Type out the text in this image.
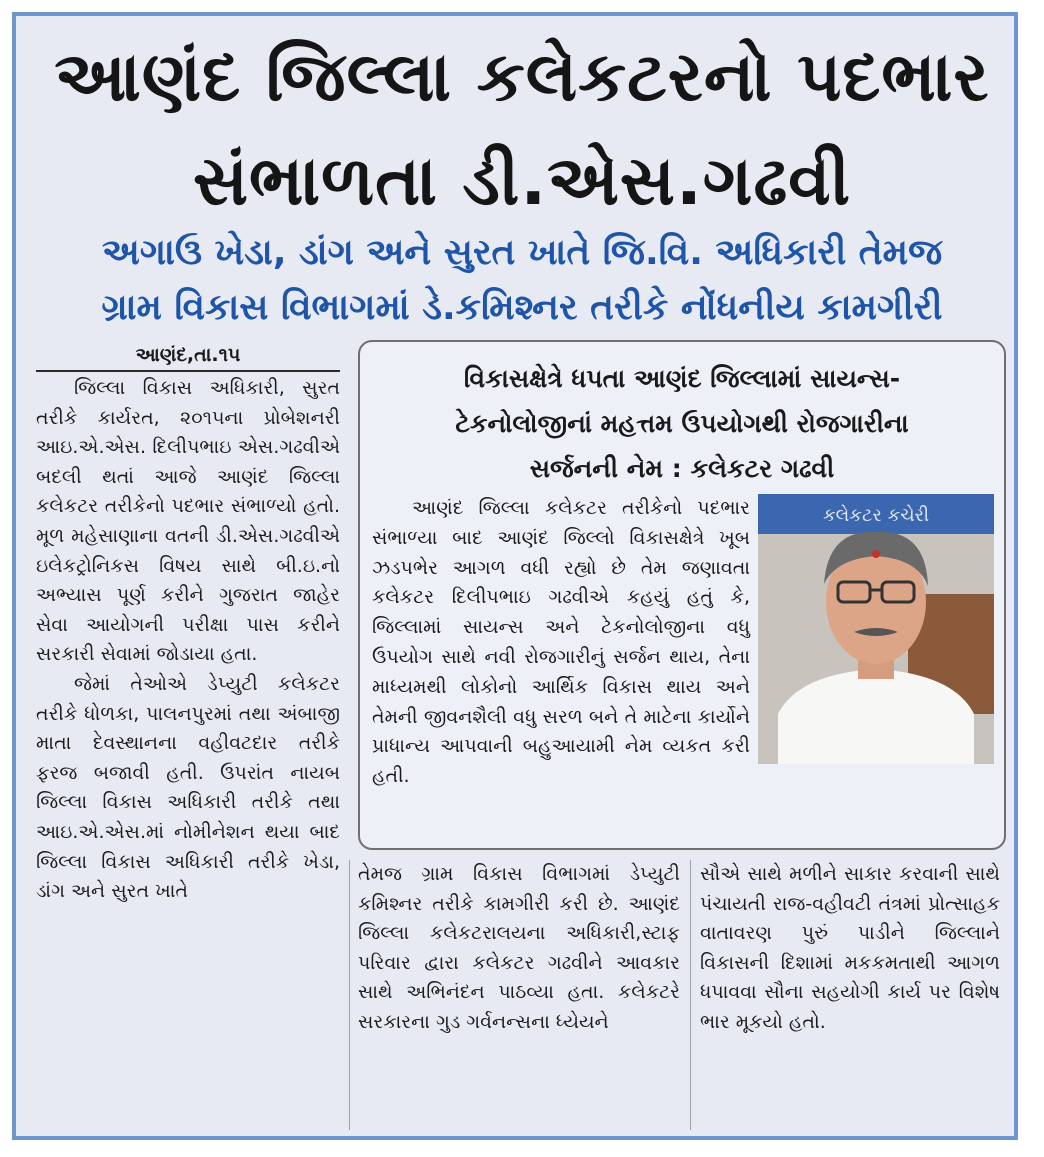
આણંદ જિલ્લા કલેકટરનો પદભાર
સંભાળતા ડી.એસ.ગઢવી
અગાઉ ખેડા, ડાંગ અને સુરત ખાતે જિ.વિ. અધિકારી તેમજ
ગ્રામ વિકાસ વિભાગમાં ડે.કમિશ્નર તરીકે નોંધનીય કામગીરી
આણંદ,તા.૧૫

જિલ્લા વિકાસ અધિકારી, સુરત તરીકે કાર્યરત, ૨૦૧૫ના પ્રોબેશનરી આઇ.એ.એસ. દિલીપભાઇ એસ.ગઢવીએ બદલી થતાં આજે આણંદ જિલ્લા કલેકટર તરીકેનો પદભાર સંભાળ્યો હતો. મૂળ મહેસાણાના વતની ડી.એસ.ગઢવીએ ઇલેકટ્રોનિકસ વિષય સાથે બી.ઇ.નો અભ્યાસ પૂર્ણ કરીને ગુજરાત જાહેર સેવા આયોગની પરીક્ષા પાસ કરીને સરકારી સેવામાં જોડાયા હતા.

જેમાં તેઓએ ડેપ્યુટી કલેકટર તરીકે ધોળકા, પાલનપુરમાં તથા અંબાજી માતા દેવસ્થાનના વહીવટદાર તરીકે ફરજ બજાવી હતી. ઉપરાંત નાયબ જિલ્લા વિકાસ અધિકારી તરીકે તથા આઇ.એ.એસ.માં નોમીનેશન થયા બાદ જિલ્લા વિકાસ અધિકારી તરીકે ખેડા, ડાંગ અને સુરત ખાતે

વિકાસક્ષેત્રે ધપતા આણંદ જિલ્લામાં સાયન્સ-
ટેકનોલોજીનાં મહત્તમ ઉપયોગથી રોજગારીના
સર્જનની નેમ : કલેકટર ગઢવી
કલેકટર કચેરી

આણંદ જિલ્લા કલેકટર તરીકેનો પદભાર સંભાળ્યા બાદ આણંદ જિલ્લો વિકાસક્ષેત્રે ખૂબ ઝડપભેર આગળ વધી રહ્યો છે તેમ જણાવતા કલેકટર દિલીપભાઇ ગઢવીએ કહયું હતું કે, જિલ્લામાં સાયન્સ અને ટેકનોલોજીના વધુ ઉપયોગ સાથે નવી રોજગારીનું સર્જન થાય, તેના માધ્યમથી લોકોનો આર્થિક વિકાસ થાય અને તેમની જીવનશૈલી વધુ સરળ બને તે માટેના કાર્યોને પ્રાધાન્ય આપવાની બહુઆયામી નેમ વ્યકત કરી હતી.

તેમજ ગ્રામ વિકાસ વિભાગમાં ડેપ્યુટી કમિશ્નર તરીકે કામગીરી કરી છે. આણંદ જિલ્લા કલેકટરાલયના અધિકારી,સ્ટાફ પરિવાર દ્વારા કલેકટર ગઢવીને આવકાર સાથે અભિનંદન પાઠવ્યા હતા. કલેકટરે સરકારના ગુડ ગર્વનન્સના ધ્યેયને

સૌએ સાથે મળીને સાકાર કરવાની સાથે પંચાયતી રાજ-વહીવટી તંત્રમાં પ્રોત્સાહક વાતાવરણ પુરું પાડીને જિલ્લાને વિકાસની દિશામાં મકકમતાથી આગળ ધપાવવા સૌના સહયોગી કાર્ય પર વિશેષ ભાર મૂકયો હતો.
